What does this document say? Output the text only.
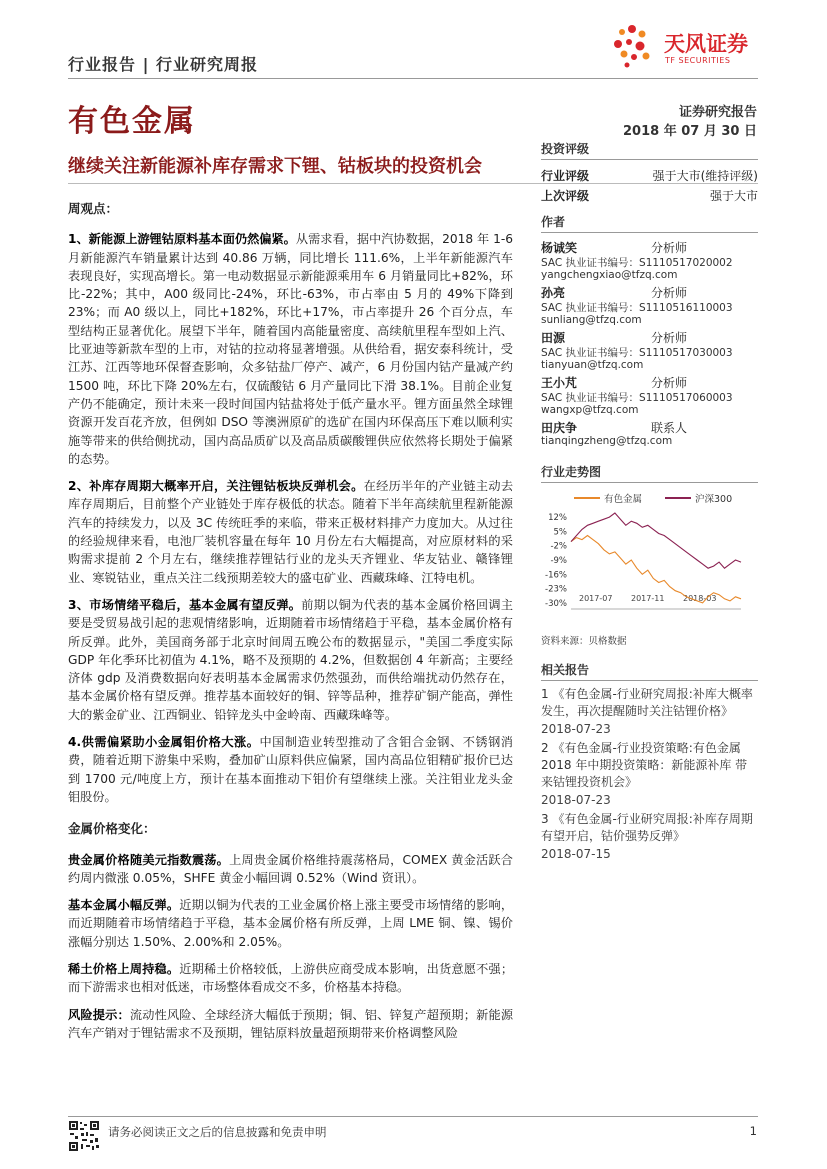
行业报告 | 行业研究周报
天风证券
TF SECURITIES
有色金属	证券研究报告
2018 年 07 月 30 日
继续关注新能源补库存需求下锂、钴板块的投资机会
周观点：

1、新能源上游锂钴原料基本面仍然偏紧。从需求看，据中汽协数据，2018 年 1-6 月新能源汽车销量累计达到 40.86 万辆，同比增长 111.6%，上半年新能源汽车表现良好，实现高增长。第一电动数据显示新能源乘用车 6 月销量同比+82%，环比-22%；其中，A00 级同比-24%，环比-63%，市占率由 5 月的 49%下降到 23%；而 A0 级以上，同比+182%，环比+17%，市占率提升 26 个百分点，车型结构正显著优化。展望下半年，随着国内高能量密度、高续航里程车型如上汽、比亚迪等新款车型的上市，对钴的拉动将显著增强。从供给看，据安泰科统计，受江苏、江西等地环保督查影响，众多钴盐厂停产、减产，6 月份国内钴产量减产约 1500 吨，环比下降 20%左右，仅硫酸钴 6 月产量同比下滑 38.1%。目前企业复产仍不能确定，预计未来一段时间国内钴盐将处于低产量水平。锂方面虽然全球锂资源开发百花齐放，但例如 DSO 等澳洲原矿的选矿在国内环保高压下难以顺利实施等带来的供给侧扰动，国内高品质矿以及高品质碳酸锂供应依然将长期处于偏紧的态势。

2、补库存周期大概率开启，关注锂钴板块反弹机会。在经历半年的产业链主动去库存周期后，目前整个产业链处于库存极低的状态。随着下半年高续航里程新能源汽车的持续发力，以及 3C 传统旺季的来临，带来正极材料排产力度加大。从过往的经验规律来看，电池厂装机容量在每年 10 月份左右大幅提高，对应原材料的采购需求提前 2 个月左右，继续推荐锂钴行业的龙头天齐锂业、华友钴业、赣锋锂业、寒锐钴业，重点关注二线预期差较大的盛屯矿业、西藏珠峰、江特电机。

3、市场情绪平稳后，基本金属有望反弹。前期以铜为代表的基本金属价格回调主要是受贸易战引起的悲观情绪影响，近期随着市场情绪趋于平稳，基本金属价格有所反弹。此外，美国商务部于北京时间周五晚公布的数据显示，"美国二季度实际 GDP 年化季环比初值为 4.1%，略不及预期的 4.2%，但数据创 4 年新高；主要经济体 gdp 及消费数据向好表明基本金属需求仍然强劲，而供给端扰动仍然存在，基本金属价格有望反弹。推荐基本面较好的铜、锌等品种，推荐矿铜产能高，弹性大的紫金矿业、江西铜业、铅锌龙头中金岭南、西藏珠峰等。

4.供需偏紧助小金属钼价格大涨。中国制造业转型推动了含钼合金钢、不锈钢消费，随着近期下游集中采购，叠加矿山原料供应偏紧，国内高品位钼精矿报价已达到 1700 元/吨度上方，预计在基本面推动下钼价有望继续上涨。关注钼业龙头金钼股份。

金属价格变化：

贵金属价格随美元指数震荡。上周贵金属价格维持震荡格局，COMEX 黄金活跃合约周内微涨 0.05%，SHFE 黄金小幅回调 0.52%（Wind 资讯）。

基本金属小幅反弹。近期以铜为代表的工业金属价格上涨主要受市场情绪的影响，而近期随着市场情绪趋于平稳，基本金属价格有所反弹，上周 LME 铜、镍、锡价涨幅分别达 1.50%、2.00%和 2.05%。

稀土价格上周持稳。近期稀土价格较低，上游供应商受成本影响，出货意愿不强；而下游需求也相对低迷，市场整体看成交不多，价格基本持稳。

风险提示：流动性风险、全球经济大幅低于预期；铜、铝、锌复产超预期；新能源汽车产销对于锂钴需求不及预期，锂钴原料放量超预期带来价格调整风险

投资评级
行业评级	强于大市(维持评级)
上次评级	强于大市
作者
杨诚笑	分析师
SAC 执业证书编号：S1110517020002
yangchengxiao@tfzq.com
孙亮	分析师
SAC 执业证书编号：S1110516110003
sunliang@tfzq.com
田源	分析师
SAC 执业证书编号：S1110517030003
tianyuan@tfzq.com
王小芃	分析师
SAC 执业证书编号：S1110517060003
wangxp@tfzq.com
田庆争	联系人
tianqingzheng@tfzq.com
行业走势图
有色金属	沪深300
12%
5%
-2%
-9%
-16%
-23%
-30%
2017-07 2017-11 2018-03
资料来源：贝格数据
相关报告
1 《有色金属-行业研究周报:补库大概率发生，再次提醒随时关注钴锂价格》
2018-07-23
2 《有色金属-行业投资策略:有色金属 2018 年中期投资策略：新能源补库 带来钴锂投资机会》
2018-07-23
3 《有色金属-行业研究周报:补库存周期有望开启，钴价强势反弹》
2018-07-15
请务必阅读正文之后的信息披露和免责申明	1
